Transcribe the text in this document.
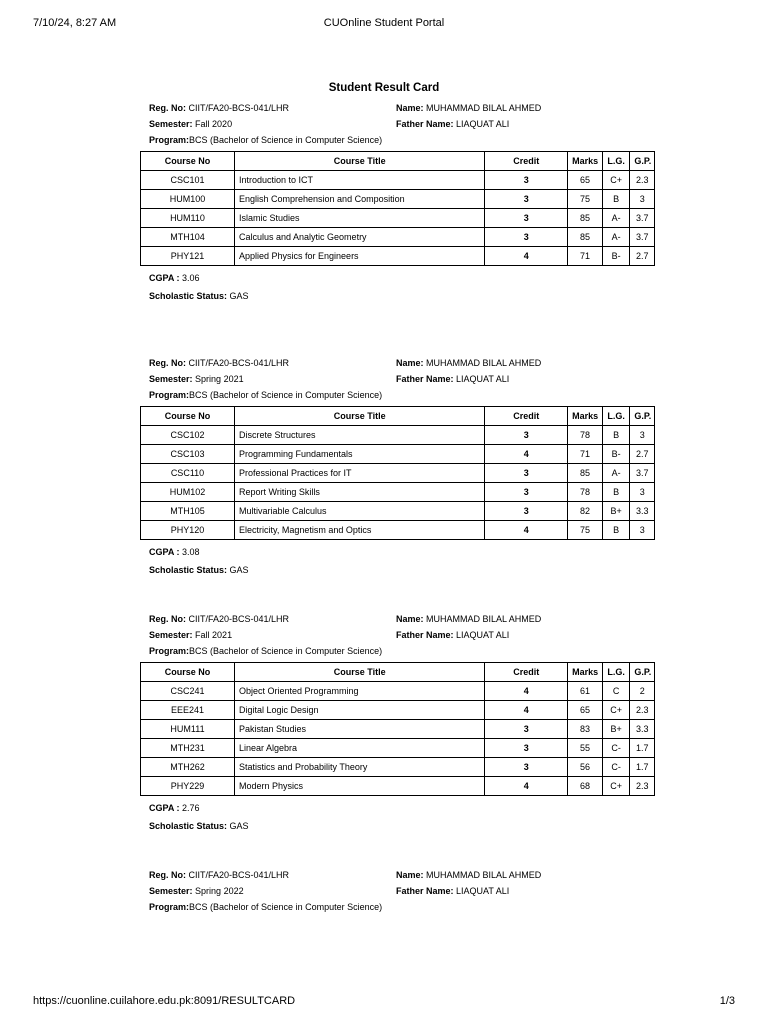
7/10/24, 8:27 AM	CUOnline Student Portal
Student Result Card
Reg. No: CIIT/FA20-BCS-041/LHR	Name: MUHAMMAD BILAL AHMED
Semester: Fall 2020	Father Name: LIAQUAT ALI
Program:BCS (Bachelor of Science in Computer Science)
Course No	Course Title	Credit	Marks	L.G.	G.P.
CSC101	Introduction to ICT	3	65	C+	2.3
HUM100	English Comprehension and Composition	3	75	B	3
HUM110	Islamic Studies	3	85	A-	3.7
MTH104	Calculus and Analytic Geometry	3	85	A-	3.7
PHY121	Applied Physics for Engineers	4	71	B-	2.7
CGPA : 3.06
Scholastic Status: GAS
Reg. No: CIIT/FA20-BCS-041/LHR	Name: MUHAMMAD BILAL AHMED
Semester: Spring 2021	Father Name: LIAQUAT ALI
Program:BCS (Bachelor of Science in Computer Science)
Course No	Course Title	Credit	Marks	L.G.	G.P.
CSC102	Discrete Structures	3	78	B	3
CSC103	Programming Fundamentals	4	71	B-	2.7
CSC110	Professional Practices for IT	3	85	A-	3.7
HUM102	Report Writing Skills	3	78	B	3
MTH105	Multivariable Calculus	3	82	B+	3.3
PHY120	Electricity, Magnetism and Optics	4	75	B	3
CGPA : 3.08
Scholastic Status: GAS
Reg. No: CIIT/FA20-BCS-041/LHR	Name: MUHAMMAD BILAL AHMED
Semester: Fall 2021	Father Name: LIAQUAT ALI
Program:BCS (Bachelor of Science in Computer Science)
Course No	Course Title	Credit	Marks	L.G.	G.P.
CSC241	Object Oriented Programming	4	61	C	2
EEE241	Digital Logic Design	4	65	C+	2.3
HUM111	Pakistan Studies	3	83	B+	3.3
MTH231	Linear Algebra	3	55	C-	1.7
MTH262	Statistics and Probability Theory	3	56	C-	1.7
PHY229	Modern Physics	4	68	C+	2.3
CGPA : 2.76
Scholastic Status: GAS
Reg. No: CIIT/FA20-BCS-041/LHR	Name: MUHAMMAD BILAL AHMED
Semester: Spring 2022	Father Name: LIAQUAT ALI
Program:BCS (Bachelor of Science in Computer Science)
https://cuonline.cuilahore.edu.pk:8091/RESULTCARD	1/3
